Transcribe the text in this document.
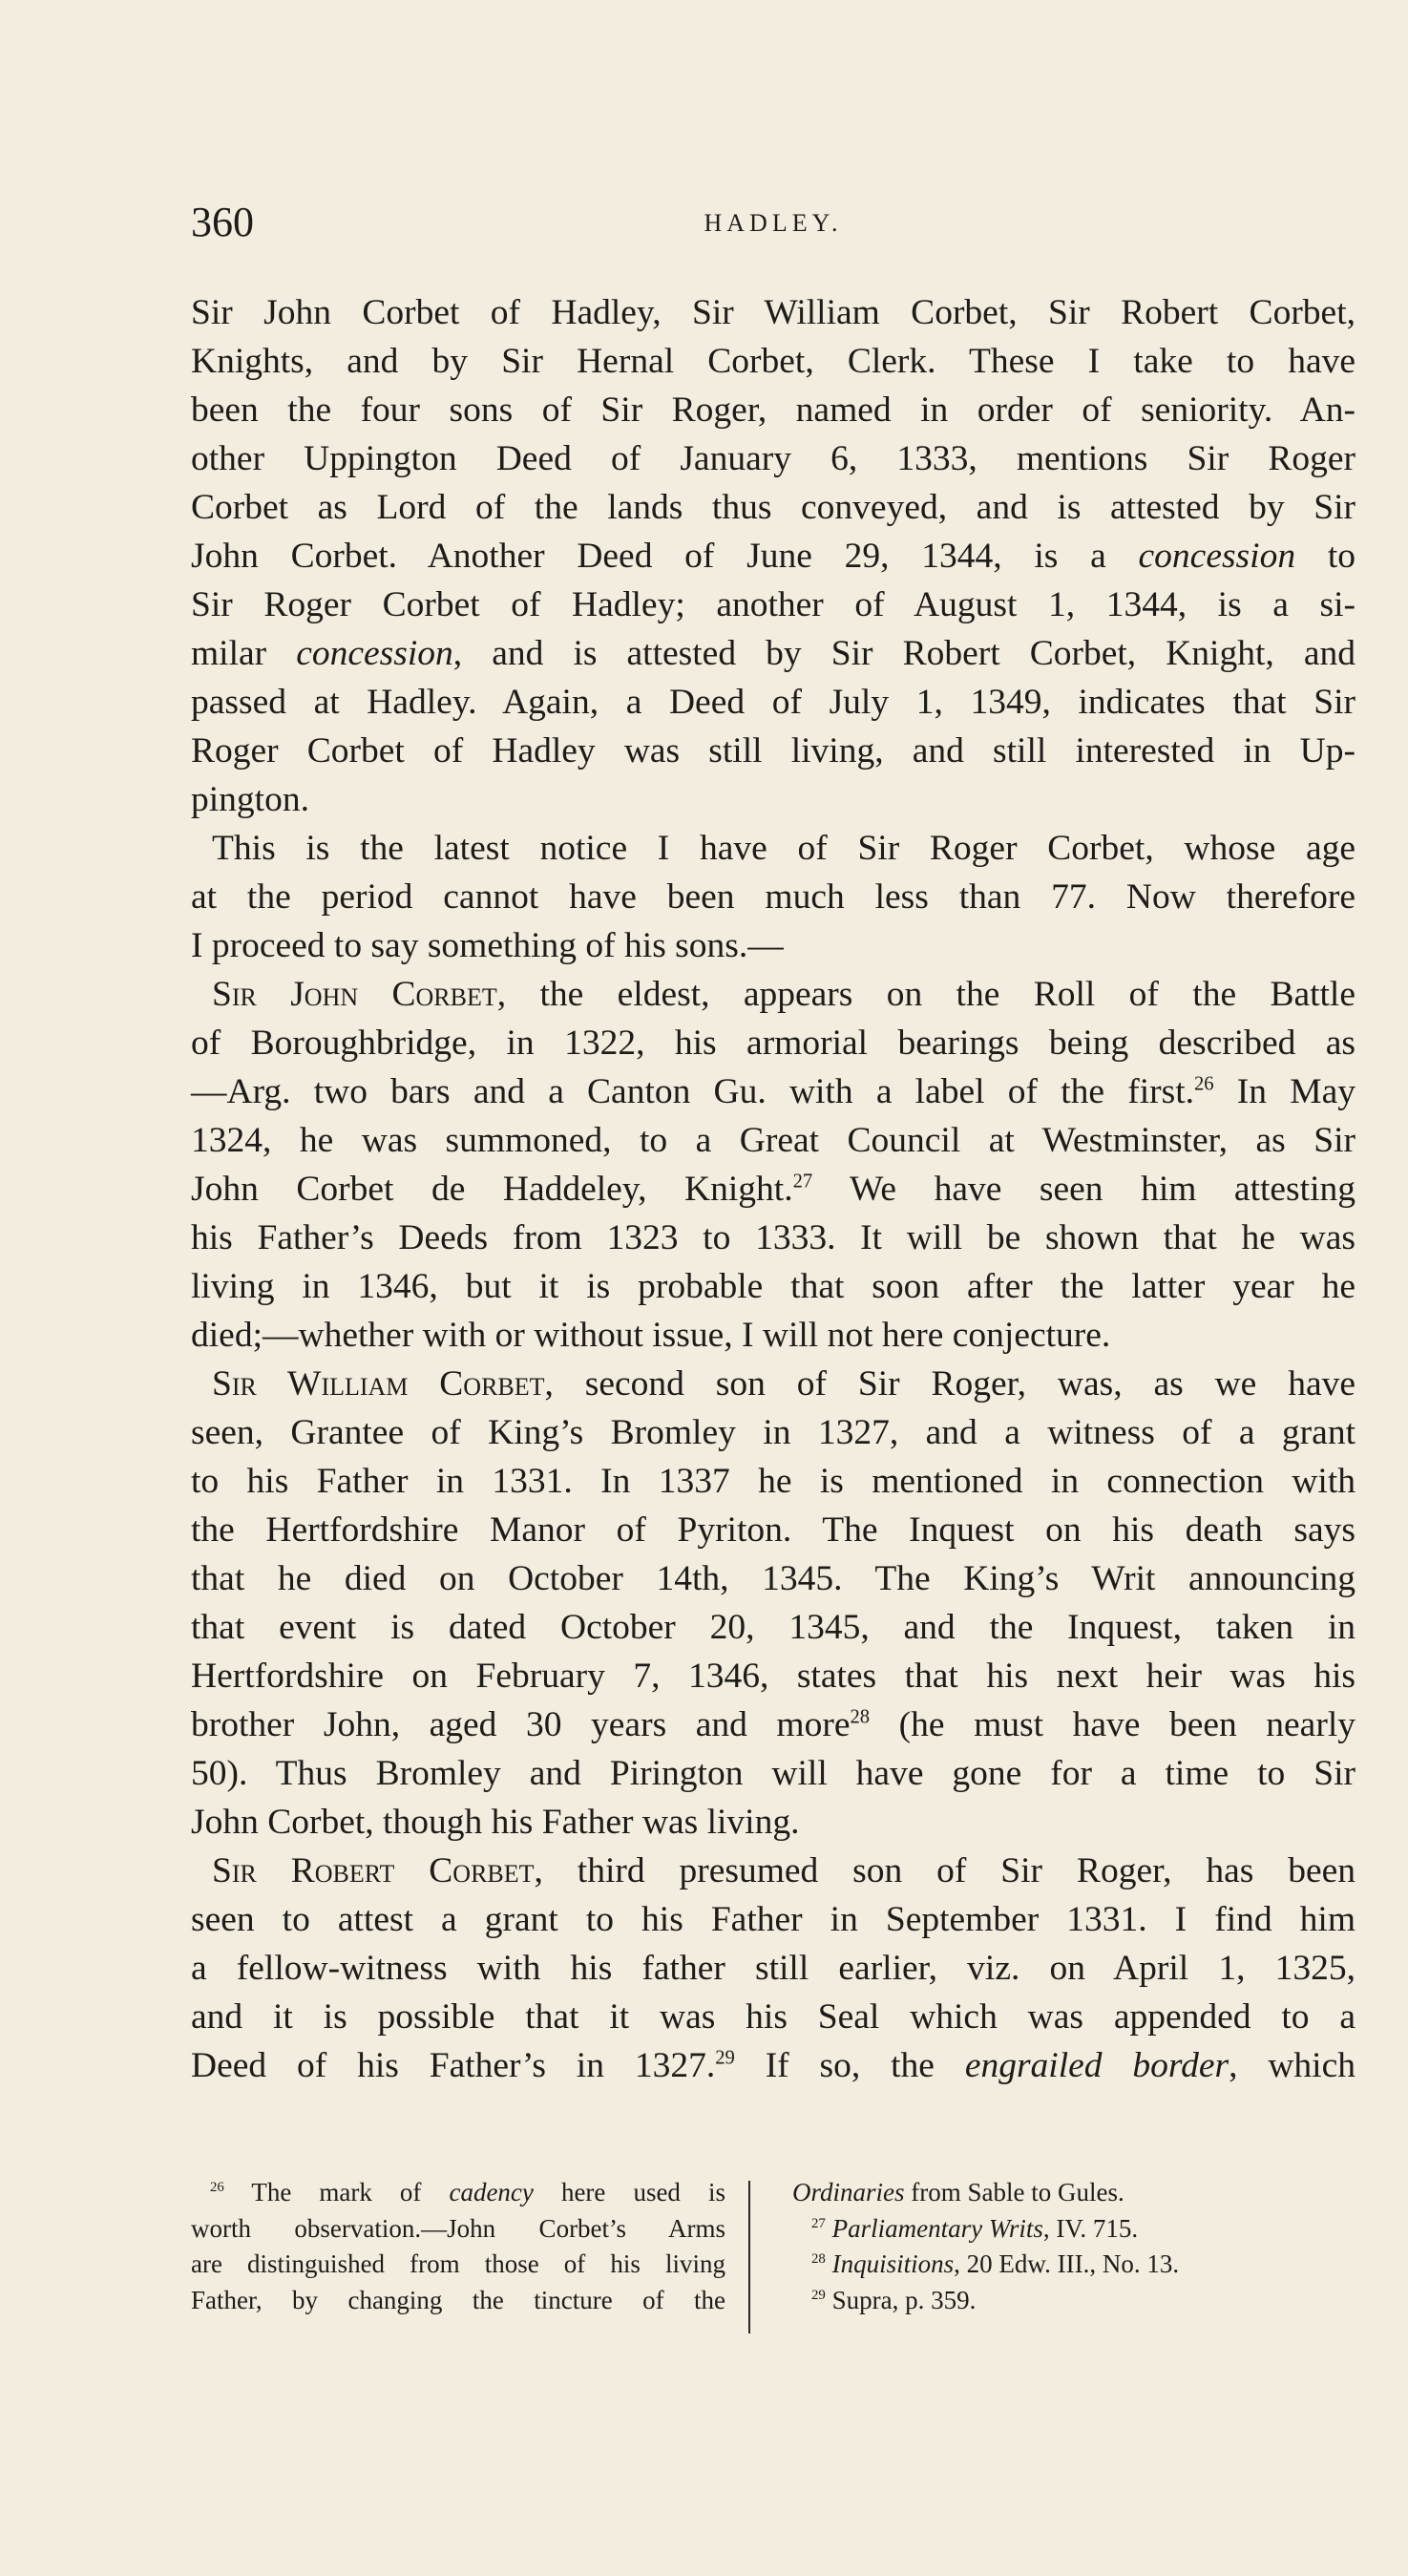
360	HADLEY.
Sir John Corbet of Hadley, Sir William Corbet, Sir Robert Corbet,
Knights, and by Sir Hernal Corbet, Clerk. These I take to have
been the four sons of Sir Roger, named in order of seniority. An-
other Uppington Deed of January 6, 1333, mentions Sir Roger
Corbet as Lord of the lands thus conveyed, and is attested by Sir
John Corbet. Another Deed of June 29, 1344, is a concession to
Sir Roger Corbet of Hadley; another of August 1, 1344, is a si-
milar concession, and is attested by Sir Robert Corbet, Knight, and
passed at Hadley. Again, a Deed of July 1, 1349, indicates that Sir
Roger Corbet of Hadley was still living, and still interested in Up-
pington.
This is the latest notice I have of Sir Roger Corbet, whose age
at the period cannot have been much less than 77. Now therefore
I proceed to say something of his sons.—
Sir John Corbet, the eldest, appears on the Roll of the Battle
of Boroughbridge, in 1322, his armorial bearings being described as
—Arg. two bars and a Canton Gu. with a label of the first.$^{26}$ In May
1324, he was summoned, to a Great Council at Westminster, as Sir
John Corbet de Haddeley, Knight.$^{27}$ We have seen him attesting
his Father’s Deeds from 1323 to 1333. It will be shown that he was
living in 1346, but it is probable that soon after the latter year he
died;—whether with or without issue, I will not here conjecture.
Sir William Corbet, second son of Sir Roger, was, as we have
seen, Grantee of King’s Bromley in 1327, and a witness of a grant
to his Father in 1331. In 1337 he is mentioned in connection with
the Hertfordshire Manor of Pyriton. The Inquest on his death says
that he died on October 14th, 1345. The King’s Writ announcing
that event is dated October 20, 1345, and the Inquest, taken in
Hertfordshire on February 7, 1346, states that his next heir was his
brother John, aged 30 years and more$^{28}$ (he must have been nearly
50). Thus Bromley and Pirington will have gone for a time to Sir
John Corbet, though his Father was living.
Sir Robert Corbet, third presumed son of Sir Roger, has been
seen to attest a grant to his Father in September 1331. I find him
a fellow-witness with his father still earlier, viz. on April 1, 1325,
and it is possible that it was his Seal which was appended to a
Deed of his Father’s in 1327.29 If so, the engrailed border, which
$^{26}$ The mark of cadency here used is
worth observation.—John Corbet’s Arms
are distinguished from those of his living
Father, by changing the tincture of the
Ordinaries from Sable to Gules.
$^{27}$ Parliamentary Writs, IV. 715.
$^{28}$ Inquisitions, 20 Edw. III., No. 13.
$^{29}$ Supra, p. 359.
